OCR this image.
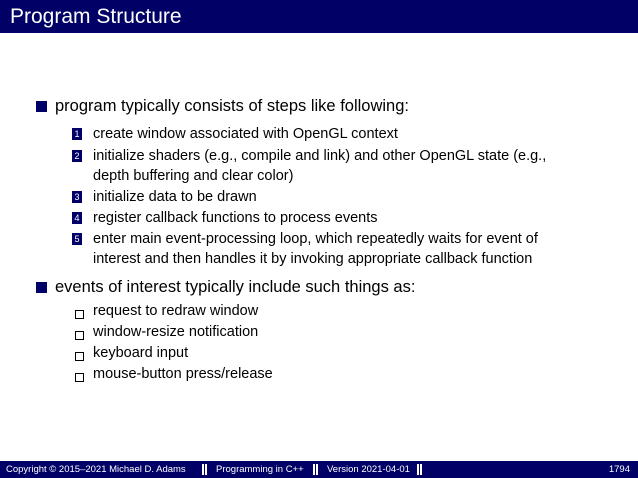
Program Structure
program typically consists of steps like following:
1 create window associated with OpenGL context
2 initialize shaders (e.g., compile and link) and other OpenGL state (e.g.,
depth buffering and clear color)
3 initialize data to be drawn
4 register callback functions to process events
5 enter main event-processing loop, which repeatedly waits for event of
interest and then handles it by invoking appropriate callback function
events of interest typically include such things as:
request to redraw window
window-resize notification
keyboard input
mouse-button press/release
Copyright © 2015–2021 Michael D. Adams	Programming in C++ Version 2021-04-01	1794
